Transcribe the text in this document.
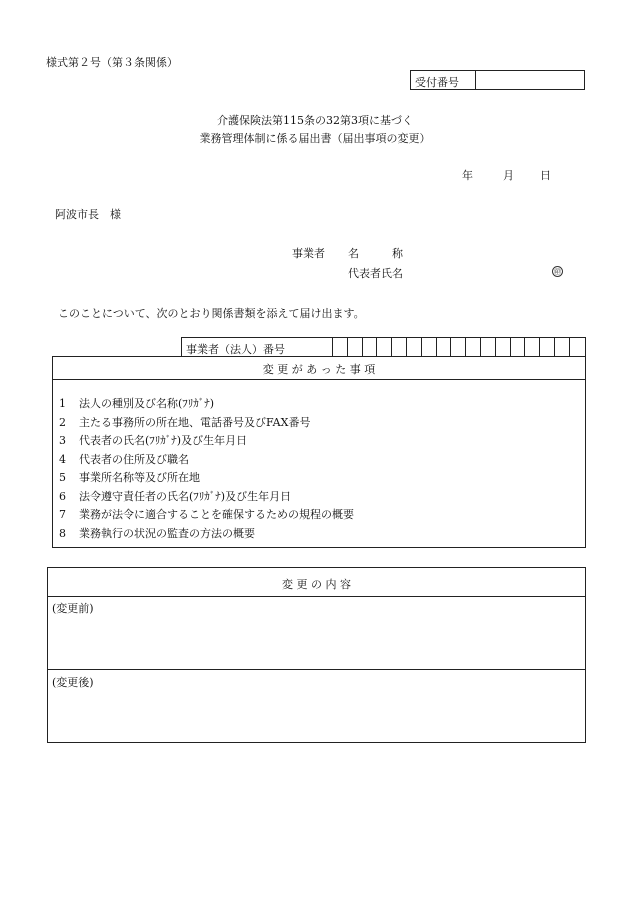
様式第２号（第３条関係）
受付番号
介護保険法第115条の32第3項に基づく
業務管理体制に係る届出書（届出事項の変更）
年	月 日
阿波市長　様
事業者 名　　　称
代表者氏名	㊞
このことについて、次のとおり関係書類を添えて届け出ます。
事業者（法人）番号
変 更 が あ っ た 事 項
1 法人の種別及び名称(ﾌﾘｶﾞﾅ)
2 主たる事務所の所在地、電話番号及びFAX番号
3 代表者の氏名(ﾌﾘｶﾞﾅ)及び生年月日
4 代表者の住所及び職名
5 事業所名称等及び所在地
6 法令遵守責任者の氏名(ﾌﾘｶﾞﾅ)及び生年月日
7 業務が法令に適合することを確保するための規程の概要
8 業務執行の状況の監査の方法の概要
変 更 の 内 容
(変更前)
(変更後)
